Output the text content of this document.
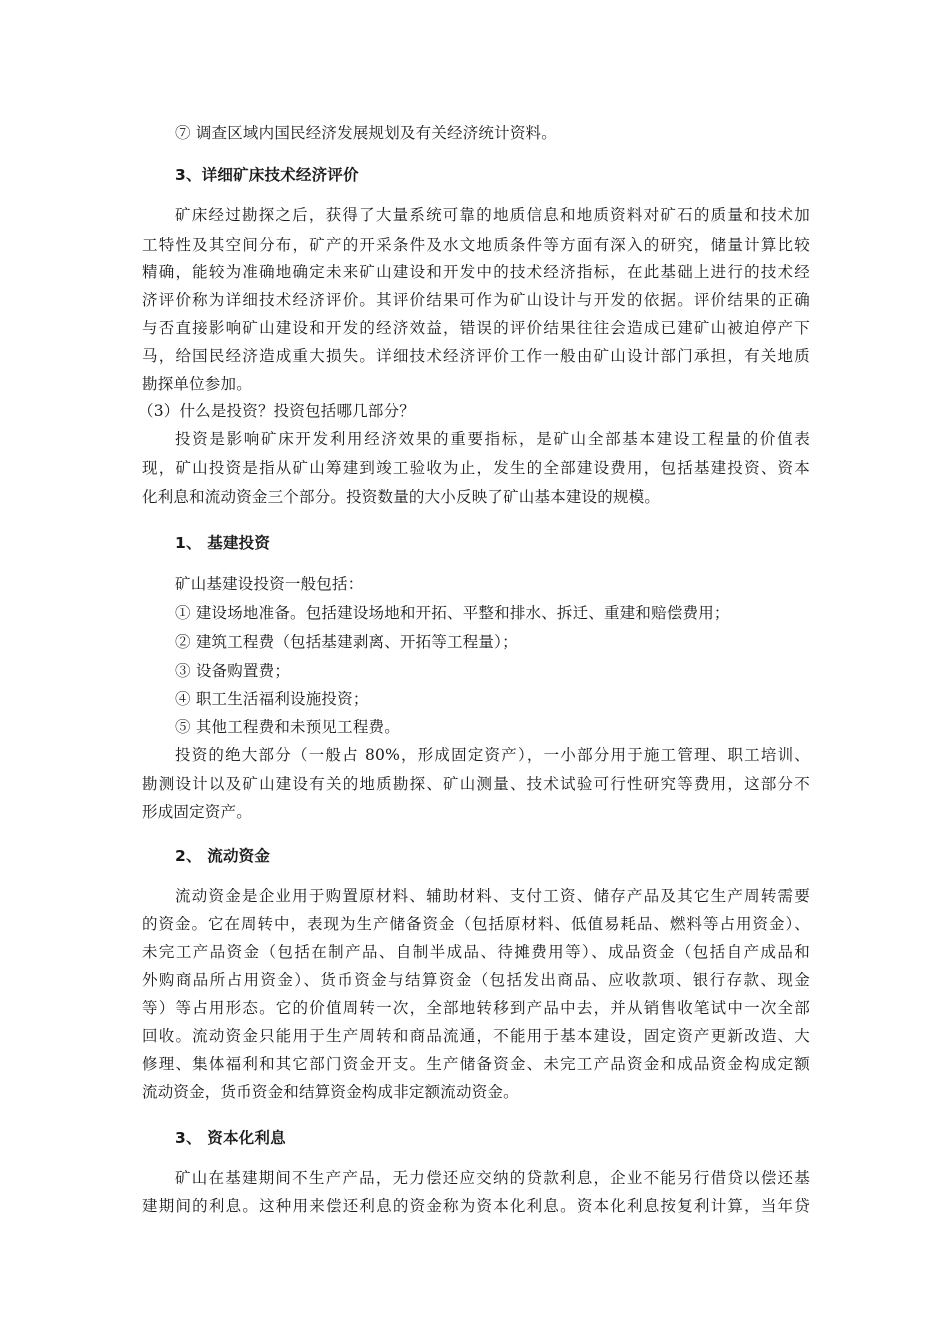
⑦ 调查区域内国民经济发展规划及有关经济统计资料。
3、详细矿床技术经济评价
矿床经过勘探之后，获得了大量系统可靠的地质信息和地质资料对矿石的质量和技术加
工特性及其空间分布，矿产的开采条件及水文地质条件等方面有深入的研究，储量计算比较
精确，能较为准确地确定未来矿山建设和开发中的技术经济指标，在此基础上进行的技术经
济评价称为详细技术经济评价。其评价结果可作为矿山设计与开发的依据。评价结果的正确
与否直接影响矿山建设和开发的经济效益，错误的评价结果往往会造成已建矿山被迫停产下
马，给国民经济造成重大损失。详细技术经济评价工作一般由矿山设计部门承担，有关地质
勘探单位参加。
（3）什么是投资？投资包括哪几部分？
投资是影响矿床开发利用经济效果的重要指标，是矿山全部基本建设工程量的价值表
现，矿山投资是指从矿山筹建到竣工验收为止，发生的全部建设费用，包括基建投资、资本
化利息和流动资金三个部分。投资数量的大小反映了矿山基本建设的规模。
1、 基建投资
矿山基建设投资一般包括：
① 建设场地准备。包括建设场地和开拓、平整和排水、拆迁、重建和赔偿费用；
② 建筑工程费（包括基建剥离、开拓等工程量）；
③ 设备购置费；
④ 职工生活福利设施投资；
⑤ 其他工程费和未预见工程费。
投资的绝大部分（一般占 80%，形成固定资产），一小部分用于施工管理、职工培训、
勘测设计以及矿山建设有关的地质勘探、矿山测量、技术试验可行性研究等费用，这部分不
形成固定资产。
2、 流动资金
流动资金是企业用于购置原材料、辅助材料、支付工资、储存产品及其它生产周转需要
的资金。它在周转中，表现为生产储备资金（包括原材料、低值易耗品、燃料等占用资金）、
未完工产品资金（包括在制产品、自制半成品、待摊费用等）、成品资金（包括自产成品和
外购商品所占用资金）、货币资金与结算资金（包括发出商品、应收款项、银行存款、现金
等）等占用形态。它的价值周转一次，全部地转移到产品中去，并从销售收笔试中一次全部
回收。流动资金只能用于生产周转和商品流通，不能用于基本建设，固定资产更新改造、大
修理、集体福利和其它部门资金开支。生产储备资金、未完工产品资金和成品资金构成定额
流动资金，货币资金和结算资金构成非定额流动资金。
3、 资本化利息
矿山在基建期间不生产产品，无力偿还应交纳的贷款利息，企业不能另行借贷以偿还基
建期间的利息。这种用来偿还利息的资金称为资本化利息。资本化利息按复利计算，当年贷
